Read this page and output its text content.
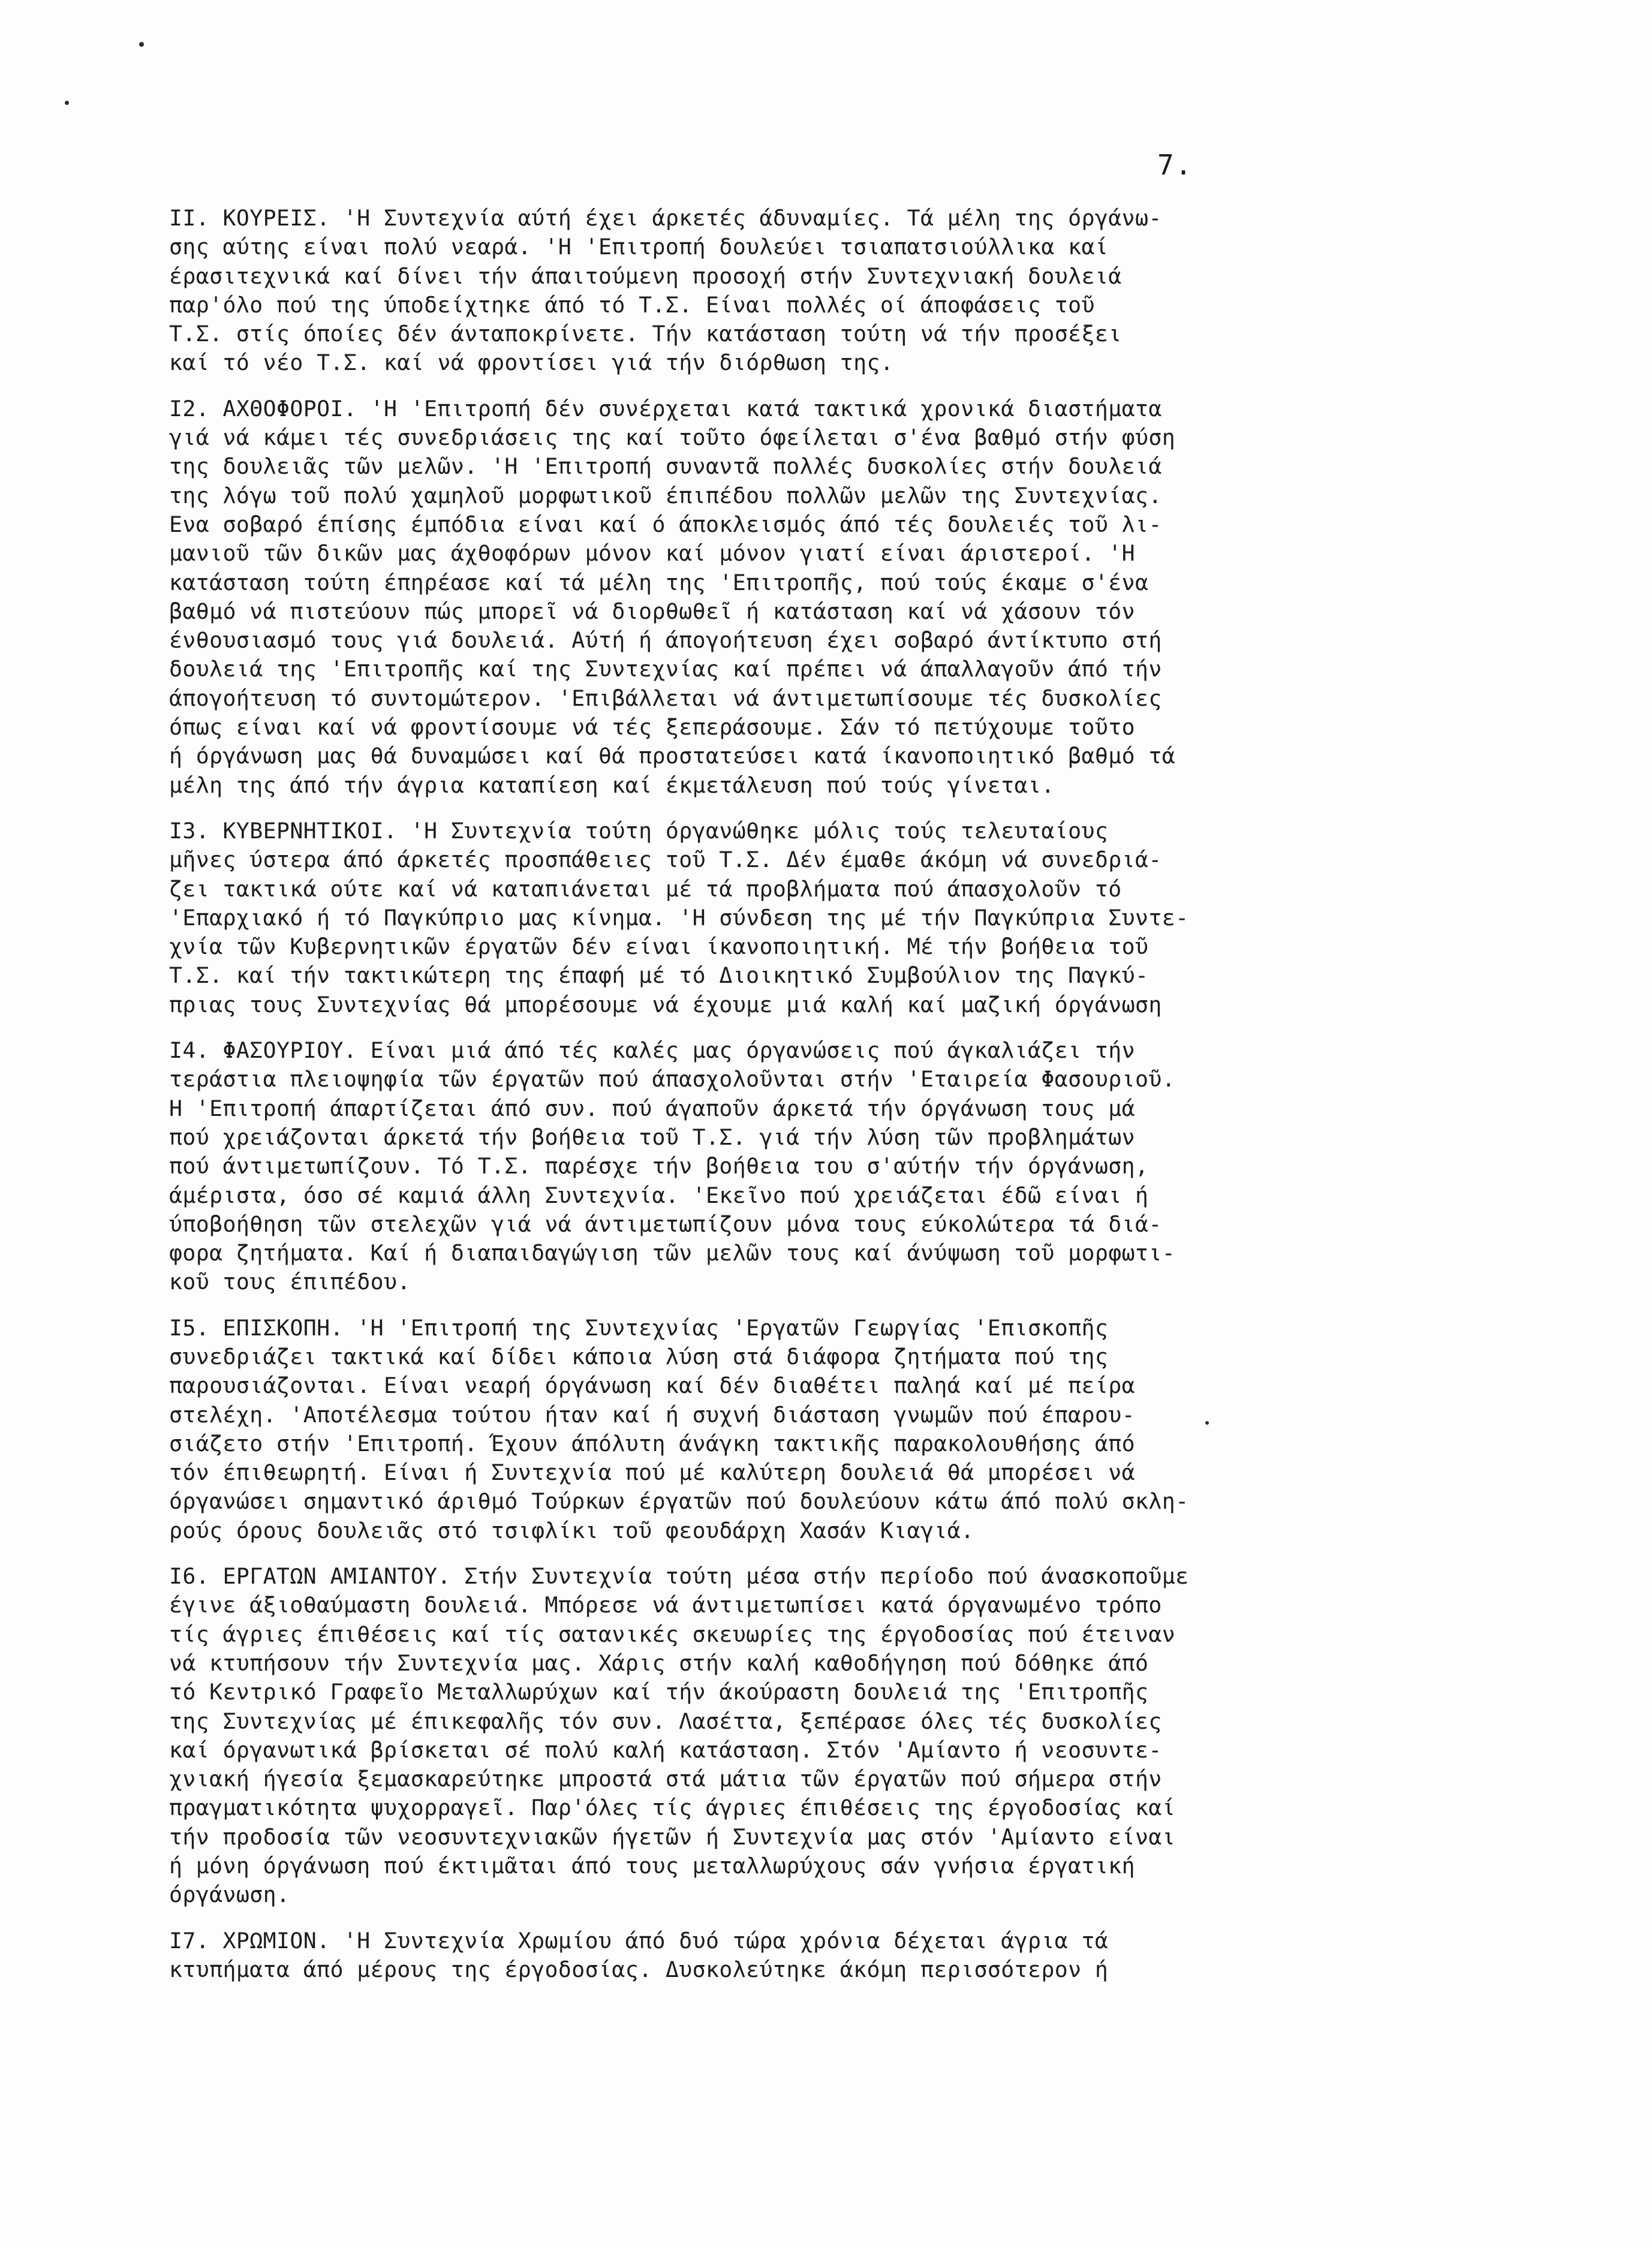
7.
II. ΚΟΥΡΕΙΣ. 'Η Συντεχνία αύτή έχει άρκετές άδυναμίες. Τά μέλη της όργάνω-
σης αύτης είναι πολύ νεαρά. 'Η 'Επιτροπή δουλεύει τσιαπατσιούλλικα καί
έρασιτεχνικά καί δίνει τήν άπαιτούμενη προσοχή στήν Συντεχνιακή δουλειά
παρ'όλο πού της ύποδείχτηκε άπό τό Τ.Σ. Είναι πολλές οί άποφάσεις τοῦ
Τ.Σ. στίς όποίες δέν άνταποκρίνετε. Τήν κατάσταση τούτη νά τήν προσέξει
καί τό νέο Τ.Σ. καί νά φροντίσει γιά τήν διόρθωση της.
I2. ΑΧΘΟΦΟΡΟΙ. 'Η 'Επιτροπή δέν συνέρχεται κατά τακτικά χρονικά διαστήματα
γιά νά κάμει τές συνεδριάσεις της καί τοῦτο όφείλεται σ'ένα βαθμό στήν φύση
της δουλειᾶς τῶν μελῶν. 'Η 'Επιτροπή συναντᾶ πολλές δυσκολίες στήν δουλειά
της λόγω τοῦ πολύ χαμηλοῦ μορφωτικοῦ έπιπέδου πολλῶν μελῶν της Συντεχνίας.
Ενα σοβαρό έπίσης έμπόδια είναι καί ό άποκλεισμός άπό τές δουλειές τοῦ λι-
μανιοῦ τῶν δικῶν μας άχθοφόρων μόνον καί μόνον γιατί είναι άριστεροί. 'Η
κατάσταση τούτη έπηρέασε καί τά μέλη της 'Επιτροπῆς, πού τούς έκαμε σ'ένα
βαθμό νά πιστεύουν πώς μπορεῖ νά διορθωθεῖ ή κατάσταση καί νά χάσουν τόν
ένθουσιασμό τους γιά δουλειά. Αύτή ή άπογοήτευση έχει σοβαρό άντίκτυπο στή
δουλειά της 'Επιτροπῆς καί της Συντεχνίας καί πρέπει νά άπαλλαγοῦν άπό τήν
άπογοήτευση τό συντομώτερον. 'Επιβάλλεται νά άντιμετωπίσουμε τές δυσκολίες
όπως είναι καί νά φροντίσουμε νά τές ξεπεράσουμε. Σάν τό πετύχουμε τοῦτο
ή όργάνωση μας θά δυναμώσει καί θά προστατεύσει κατά ίκανοποιητικό βαθμό τά
μέλη της άπό τήν άγρια καταπίεση καί έκμετάλευση πού τούς γίνεται.
I3. ΚΥΒΕΡΝΗΤΙΚΟΙ. 'Η Συντεχνία τούτη όργανώθηκε μόλις τούς τελευταίους
μῆνες ύστερα άπό άρκετές προσπάθειες τοῦ Τ.Σ. Δέν έμαθε άκόμη νά συνεδριά-
ζει τακτικά ούτε καί νά καταπιάνεται μέ τά προβλήματα πού άπασχολοῦν τό
'Επαρχιακό ή τό Παγκύπριο μας κίνημα. 'Η σύνδεση της μέ τήν Παγκύπρια Συντε-
χνία τῶν Κυβερνητικῶν έργατῶν δέν είναι ίκανοποιητική. Μέ τήν βοήθεια τοῦ
Τ.Σ. καί τήν τακτικώτερη της έπαφή μέ τό Διοικητικό Συμβούλιον της Παγκύ-
πριας τους Συντεχνίας θά μπορέσουμε νά έχουμε μιά καλή καί μαζική όργάνωση
I4. ΦΑΣΟΥΡΙΟΥ. Είναι μιά άπό τές καλές μας όργανώσεις πού άγκαλιάζει τήν
τεράστια πλειοψηφία τῶν έργατῶν πού άπασχολοῦνται στήν 'Εταιρεία Φασουριοῦ.
Η 'Επιτροπή άπαρτίζεται άπό συν. πού άγαποῦν άρκετά τήν όργάνωση τους μά
πού χρειάζονται άρκετά τήν βοήθεια τοῦ Τ.Σ. γιά τήν λύση τῶν προβλημάτων
πού άντιμετωπίζουν. Τό Τ.Σ. παρέσχε τήν βοήθεια του σ'αύτήν τήν όργάνωση,
άμέριστα, όσο σέ καμιά άλλη Συντεχνία. 'Εκεῖνο πού χρειάζεται έδῶ είναι ή
ύποβοήθηση τῶν στελεχῶν γιά νά άντιμετωπίζουν μόνα τους εύκολώτερα τά διά-
φορα ζητήματα. Καί ή διαπαιδαγώγιση τῶν μελῶν τους καί άνύψωση τοῦ μορφωτι-
κοῦ τους έπιπέδου.
I5. ΕΠΙΣΚΟΠΗ. 'Η 'Επιτροπή της Συντεχνίας 'Εργατῶν Γεωργίας 'Επισκοπῆς
συνεδριάζει τακτικά καί δίδει κάποια λύση στά διάφορα ζητήματα πού της
παρουσιάζονται. Είναι νεαρή όργάνωση καί δέν διαθέτει παληά καί μέ πείρα
στελέχη. 'Αποτέλεσμα τούτου ήταν καί ή συχνή διάσταση γνωμῶν πού έπαρου-
σιάζετο στήν 'Επιτροπή. Έχουν άπόλυτη άνάγκη τακτικῆς παρακολουθήσης άπό
τόν έπιθεωρητή. Είναι ή Συντεχνία πού μέ καλύτερη δουλειά θά μπορέσει νά
όργανώσει σημαντικό άριθμό Τούρκων έργατῶν πού δουλεύουν κάτω άπό πολύ σκλη-
ρούς όρους δουλειᾶς στό τσιφλίκι τοῦ φεουδάρχη Χασάν Κιαγιά.
I6. ΕΡΓΑΤΩΝ ΑΜΙΑΝΤΟΥ. Στήν Συντεχνία τούτη μέσα στήν περίοδο πού άνασκοποῦμε
έγινε άξιοθαύμαστη δουλειά. Μπόρεσε νά άντιμετωπίσει κατά όργανωμένο τρόπο
τίς άγριες έπιθέσεις καί τίς σατανικές σκευωρίες της έργοδοσίας πού έτειναν
νά κτυπήσουν τήν Συντεχνία μας. Χάρις στήν καλή καθοδήγηση πού δόθηκε άπό
τό Κεντρικό Γραφεῖο Μεταλλωρύχων καί τήν άκούραστη δουλειά της 'Επιτροπῆς
της Συντεχνίας μέ έπικεφαλῆς τόν συν. Λασέττα, ξεπέρασε όλες τές δυσκολίες
καί όργανωτικά βρίσκεται σέ πολύ καλή κατάσταση. Στόν 'Αμίαντο ή νεοσυντε-
χνιακή ήγεσία ξεμασκαρεύτηκε μπροστά στά μάτια τῶν έργατῶν πού σήμερα στήν
πραγματικότητα ψυχορραγεῖ. Παρ'όλες τίς άγριες έπιθέσεις της έργοδοσίας καί
τήν προδοσία τῶν νεοσυντεχνιακῶν ήγετῶν ή Συντεχνία μας στόν 'Αμίαντο είναι
ή μόνη όργάνωση πού έκτιμᾶται άπό τους μεταλλωρύχους σάν γνήσια έργατική
όργάνωση.
I7. ΧΡΩΜΙΟΝ. 'Η Συντεχνία Χρωμίου άπό δυό τώρα χρόνια δέχεται άγρια τά
κτυπήματα άπό μέρους της έργοδοσίας. Δυσκολεύτηκε άκόμη περισσότερον ή
